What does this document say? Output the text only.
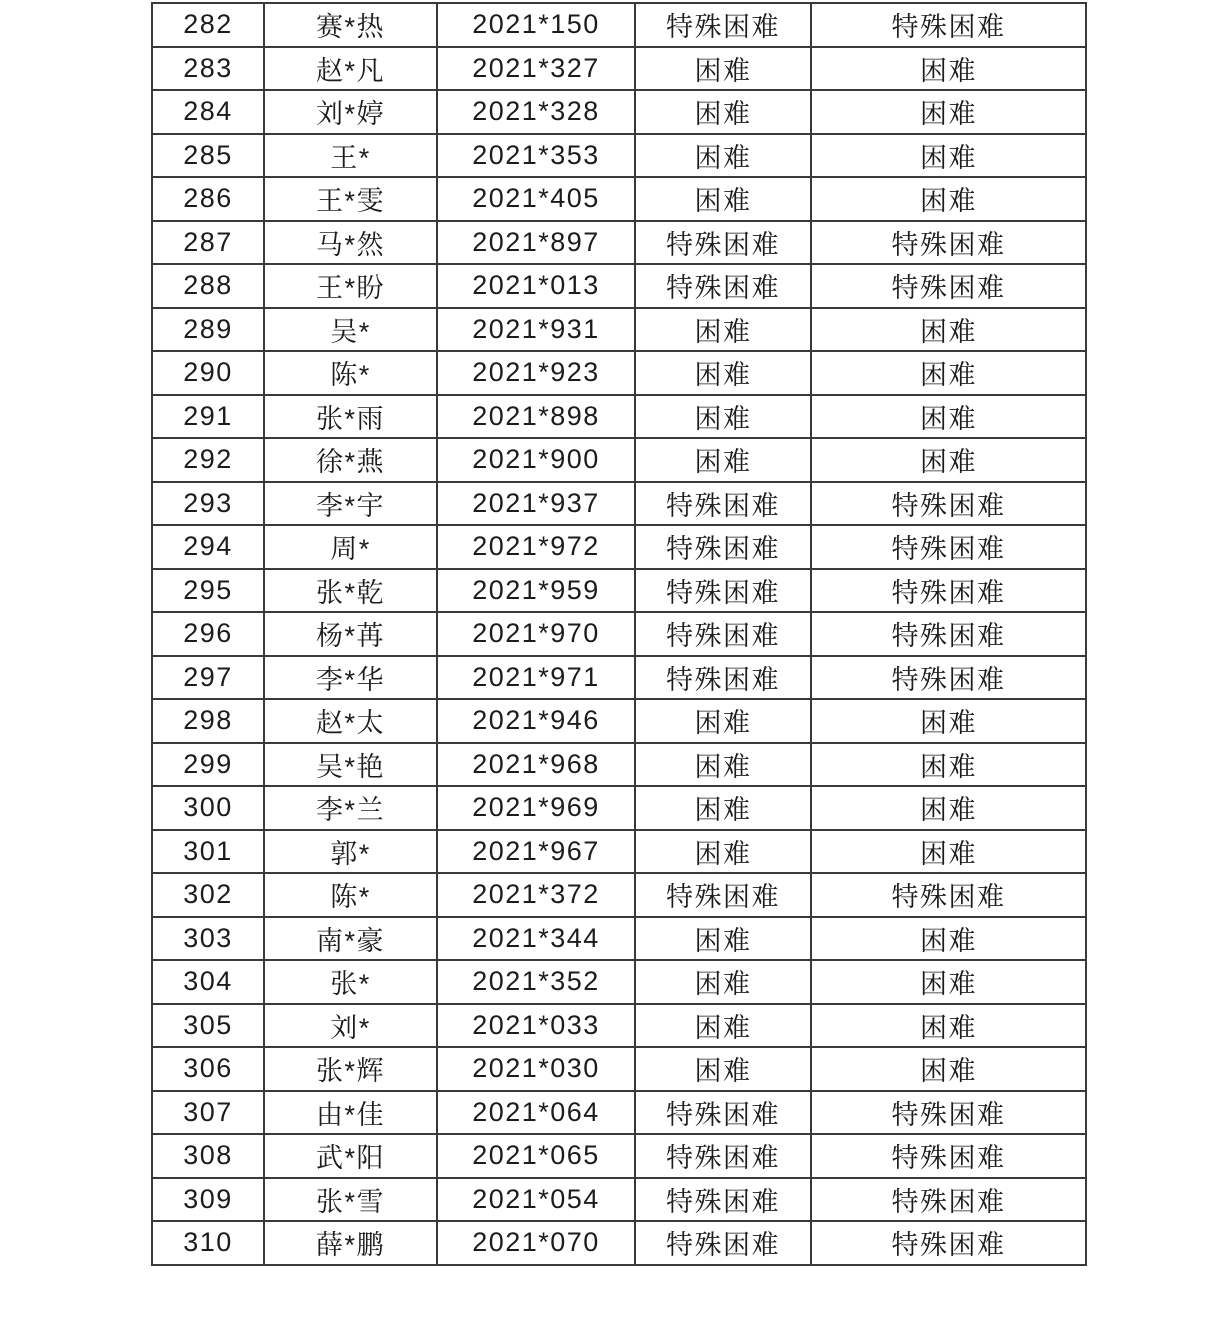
282	赛*热	2021*150	特殊困难	特殊困难
283	赵*凡	2021*327	困难	困难
284	刘*婷	2021*328	困难	困难
285	王*	2021*353	困难	困难
286	王*雯	2021*405	困难	困难
287	马*然	2021*897	特殊困难	特殊困难
288	王*盼	2021*013	特殊困难	特殊困难
289	吴*	2021*931	困难	困难
290	陈*	2021*923	困难	困难
291	张*雨	2021*898	困难	困难
292	徐*燕	2021*900	困难	困难
293	李*宇	2021*937	特殊困难	特殊困难
294	周*	2021*972	特殊困难	特殊困难
295	张*乾	2021*959	特殊困难	特殊困难
296	杨*苒	2021*970	特殊困难	特殊困难
297	李*华	2021*971	特殊困难	特殊困难
298	赵*太	2021*946	困难	困难
299	吴*艳	2021*968	困难	困难
300	李*兰	2021*969	困难	困难
301	郭*	2021*967	困难	困难
302	陈*	2021*372	特殊困难	特殊困难
303	南*豪	2021*344	困难	困难
304	张*	2021*352	困难	困难
305	刘*	2021*033	困难	困难
306	张*辉	2021*030	困难	困难
307	由*佳	2021*064	特殊困难	特殊困难
308	武*阳	2021*065	特殊困难	特殊困难
309	张*雪	2021*054	特殊困难	特殊困难
310	薛*鹏	2021*070	特殊困难	特殊困难
